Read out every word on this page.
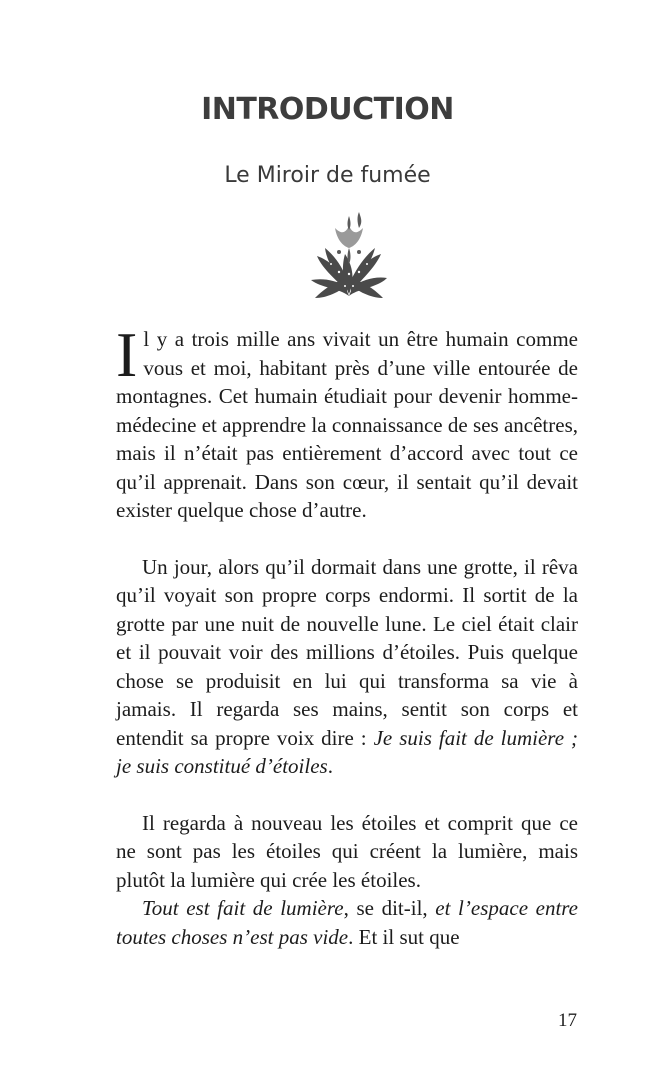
INTRODUCTION
Le Miroir de fumée

Il y a trois mille ans vivait un être humain comme vous et moi, habitant près d’une ville entourée de montagnes. Cet humain étudiait pour devenir homme-médecine et apprendre la connaissance de ses ancêtres, mais il n’était pas entièrement d’accord avec tout ce qu’il apprenait. Dans son cœur, il sentait qu’il devait exister quelque chose d’autre.

Un jour, alors qu’il dormait dans une grotte, il rêva qu’il voyait son propre corps endormi. Il sortit de la grotte par une nuit de nouvelle lune. Le ciel était clair et il pouvait voir des millions d’étoiles. Puis quelque chose se produisit en lui qui transforma sa vie à jamais. Il regarda ses mains, sentit son corps et entendit sa propre voix dire : Je suis fait de lumière ; je suis constitué d’étoiles.

Il regarda à nouveau les étoiles et comprit que ce ne sont pas les étoiles qui créent la lumière, mais plutôt la lumière qui crée les étoiles.

Tout est fait de lumière, se dit-il, et l’espace entre toutes choses n’est pas vide. Et il sut que

17
